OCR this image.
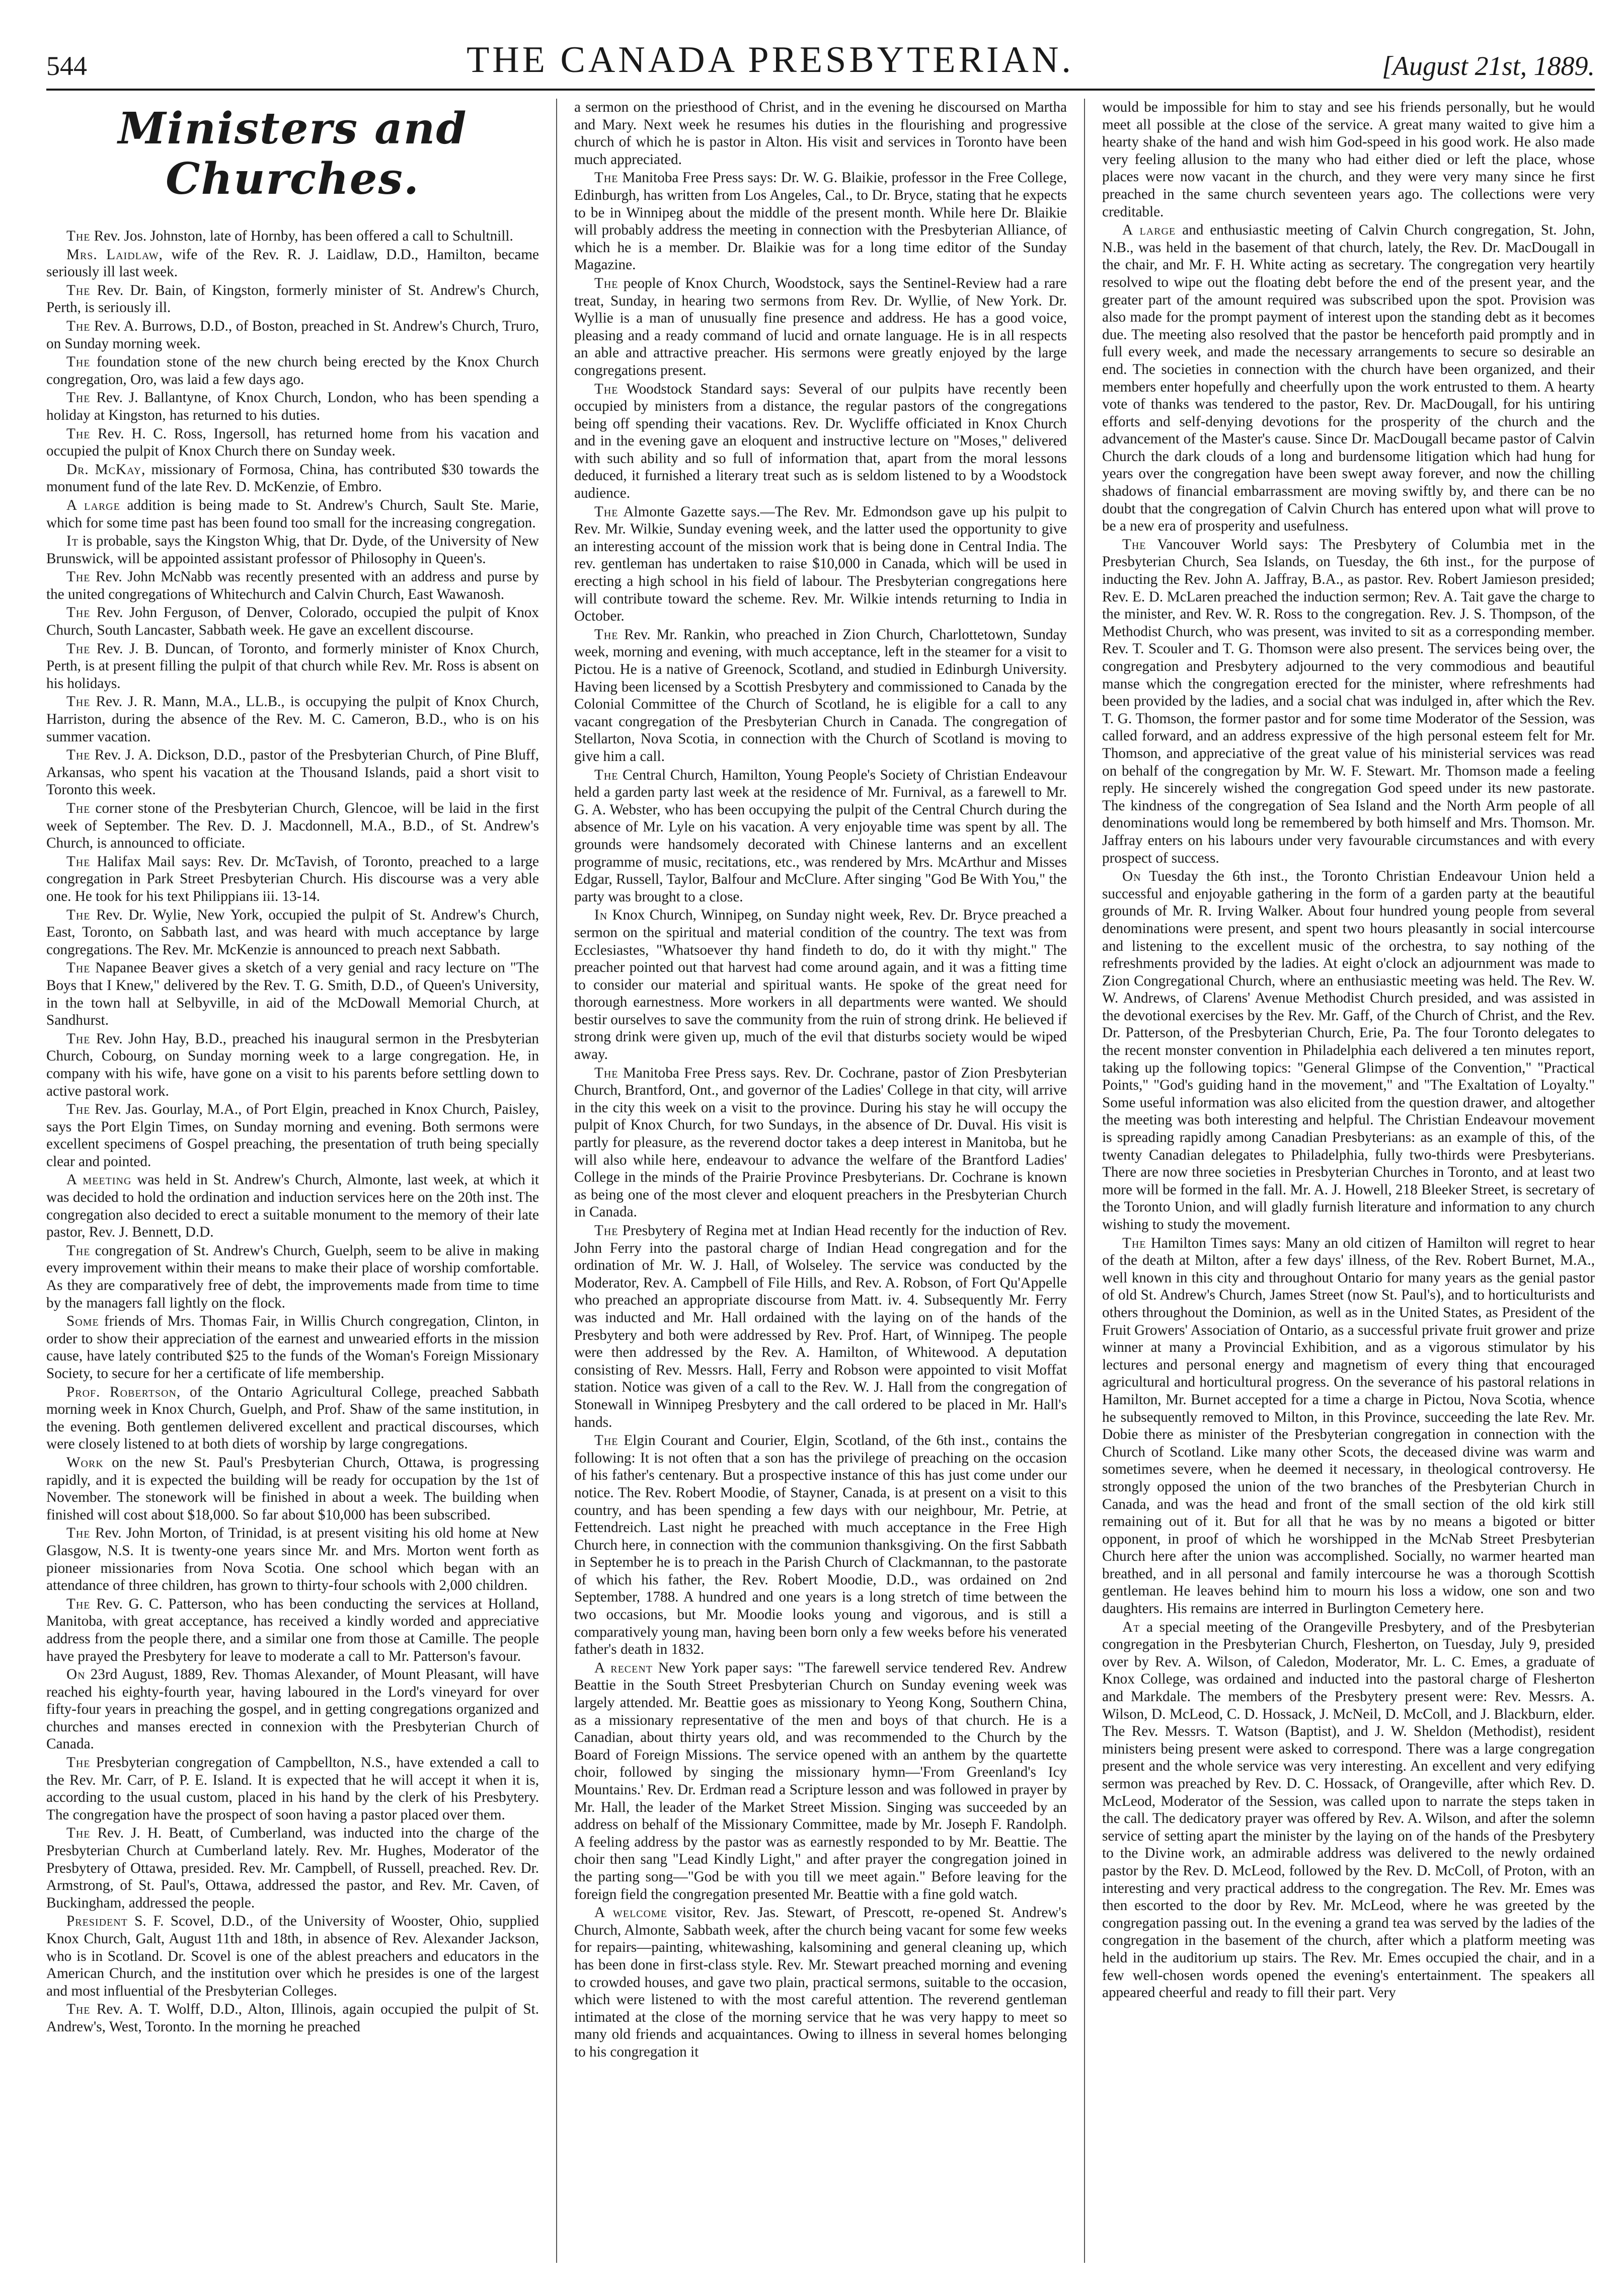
544	THE CANADA PRESBYTERIAN.	[August 21st, 1889.
Ministers and Churches.

The Rev. Jos. Johnston, late of Hornby, has been offered a call to Schultnill.

Mrs. Laidlaw, wife of the Rev. R. J. Laidlaw, D.D., Hamilton, became seriously ill last week.

The Rev. Dr. Bain, of Kingston, formerly minister of St. Andrew's Church, Perth, is seriously ill.

The Rev. A. Burrows, D.D., of Boston, preached in St. Andrew's Church, Truro, on Sunday morning week.

The foundation stone of the new church being erected by the Knox Church congregation, Oro, was laid a few days ago.

The Rev. J. Ballantyne, of Knox Church, London, who has been spending a holiday at Kingston, has returned to his duties.

The Rev. H. C. Ross, Ingersoll, has returned home from his vacation and occupied the pulpit of Knox Church there on Sunday week.

Dr. McKay, missionary of Formosa, China, has contributed $30 towards the monument fund of the late Rev. D. McKenzie, of Embro.

A large addition is being made to St. Andrew's Church, Sault Ste. Marie, which for some time past has been found too small for the increasing congregation.

It is probable, says the Kingston Whig, that Dr. Dyde, of the University of New Brunswick, will be appointed assistant professor of Philosophy in Queen's.

The Rev. John McNabb was recently presented with an address and purse by the united congregations of Whitechurch and Calvin Church, East Wawanosh.

The Rev. John Ferguson, of Denver, Colorado, occupied the pulpit of Knox Church, South Lancaster, Sabbath week. He gave an excellent discourse.

The Rev. J. B. Duncan, of Toronto, and formerly minister of Knox Church, Perth, is at present filling the pulpit of that church while Rev. Mr. Ross is absent on his holidays.

The Rev. J. R. Mann, M.A., LL.B., is occupying the pulpit of Knox Church, Harriston, during the absence of the Rev. M. C. Cameron, B.D., who is on his summer vacation.

The Rev. J. A. Dickson, D.D., pastor of the Presbyterian Church, of Pine Bluff, Arkansas, who spent his vacation at the Thousand Islands, paid a short visit to Toronto this week.

The corner stone of the Presbyterian Church, Glencoe, will be laid in the first week of September. The Rev. D. J. Macdonnell, M.A., B.D., of St. Andrew's Church, is announced to officiate.

The Halifax Mail says: Rev. Dr. McTavish, of Toronto, preached to a large congregation in Park Street Presbyterian Church. His discourse was a very able one. He took for his text Philippians iii. 13-14.

The Rev. Dr. Wylie, New York, occupied the pulpit of St. Andrew's Church, East, Toronto, on Sabbath last, and was heard with much acceptance by large congregations. The Rev. Mr. McKenzie is announced to preach next Sabbath.

The Napanee Beaver gives a sketch of a very genial and racy lecture on "The Boys that I Knew," delivered by the Rev. T. G. Smith, D.D., of Queen's University, in the town hall at Selbyville, in aid of the McDowall Memorial Church, at Sandhurst.

The Rev. John Hay, B.D., preached his inaugural sermon in the Presbyterian Church, Cobourg, on Sunday morning week to a large congregation. He, in company with his wife, have gone on a visit to his parents before settling down to active pastoral work.

The Rev. Jas. Gourlay, M.A., of Port Elgin, preached in Knox Church, Paisley, says the Port Elgin Times, on Sunday morning and evening. Both sermons were excellent specimens of Gospel preaching, the presentation of truth being specially clear and pointed.

A meeting was held in St. Andrew's Church, Almonte, last week, at which it was decided to hold the ordination and induction services here on the 20th inst. The congregation also decided to erect a suitable monument to the memory of their late pastor, Rev. J. Bennett, D.D.

The congregation of St. Andrew's Church, Guelph, seem to be alive in making every improvement within their means to make their place of worship comfortable. As they are comparatively free of debt, the improvements made from time to time by the managers fall lightly on the flock.

Some friends of Mrs. Thomas Fair, in Willis Church congregation, Clinton, in order to show their appreciation of the earnest and unwearied efforts in the mission cause, have lately contributed $25 to the funds of the Woman's Foreign Missionary Society, to secure for her a certificate of life membership.

Prof. Robertson, of the Ontario Agricultural College, preached Sabbath morning week in Knox Church, Guelph, and Prof. Shaw of the same institution, in the evening. Both gentlemen delivered excellent and practical discourses, which were closely listened to at both diets of worship by large congregations.

Work on the new St. Paul's Presbyterian Church, Ottawa, is progressing rapidly, and it is expected the building will be ready for occupation by the 1st of November. The stonework will be finished in about a week. The building when finished will cost about $18,000. So far about $10,000 has been subscribed.

The Rev. John Morton, of Trinidad, is at present visiting his old home at New Glasgow, N.S. It is twenty-one years since Mr. and Mrs. Morton went forth as pioneer missionaries from Nova Scotia. One school which began with an attendance of three children, has grown to thirty-four schools with 2,000 children.

The Rev. G. C. Patterson, who has been conducting the services at Holland, Manitoba, with great acceptance, has received a kindly worded and appreciative address from the people there, and a similar one from those at Camille. The people have prayed the Presbytery for leave to moderate a call to Mr. Patterson's favour.

On 23rd August, 1889, Rev. Thomas Alexander, of Mount Pleasant, will have reached his eighty-fourth year, having laboured in the Lord's vineyard for over fifty-four years in preaching the gospel, and in getting congregations organized and churches and manses erected in connexion with the Presbyterian Church of Canada.

The Presbyterian congregation of Campbellton, N.S., have extended a call to the Rev. Mr. Carr, of P. E. Island. It is expected that he will accept it when it is, according to the usual custom, placed in his hand by the clerk of his Presbytery. The congregation have the prospect of soon having a pastor placed over them.

The Rev. J. H. Beatt, of Cumberland, was inducted into the charge of the Presbyterian Church at Cumberland lately. Rev. Mr. Hughes, Moderator of the Presbytery of Ottawa, presided. Rev. Mr. Campbell, of Russell, preached. Rev. Dr. Armstrong, of St. Paul's, Ottawa, addressed the pastor, and Rev. Mr. Caven, of Buckingham, addressed the people.

President S. F. Scovel, D.D., of the University of Wooster, Ohio, supplied Knox Church, Galt, August 11th and 18th, in absence of Rev. Alexander Jackson, who is in Scotland. Dr. Scovel is one of the ablest preachers and educators in the American Church, and the institution over which he presides is one of the largest and most influential of the Presbyterian Colleges.

The Rev. A. T. Wolff, D.D., Alton, Illinois, again occupied the pulpit of St. Andrew's, West, Toronto. In the morning he preached

a sermon on the priesthood of Christ, and in the evening he discoursed on Martha and Mary. Next week he resumes his duties in the flourishing and progressive church of which he is pastor in Alton. His visit and services in Toronto have been much appreciated.

The Manitoba Free Press says: Dr. W. G. Blaikie, professor in the Free College, Edinburgh, has written from Los Angeles, Cal., to Dr. Bryce, stating that he expects to be in Winnipeg about the middle of the present month. While here Dr. Blaikie will probably address the meeting in connection with the Presbyterian Alliance, of which he is a member. Dr. Blaikie was for a long time editor of the Sunday Magazine.

The people of Knox Church, Woodstock, says the Sentinel-Review had a rare treat, Sunday, in hearing two sermons from Rev. Dr. Wyllie, of New York. Dr. Wyllie is a man of unusually fine presence and address. He has a good voice, pleasing and a ready command of lucid and ornate language. He is in all respects an able and attractive preacher. His sermons were greatly enjoyed by the large congregations present.

The Woodstock Standard says: Several of our pulpits have recently been occupied by ministers from a distance, the regular pastors of the congregations being off spending their vacations. Rev. Dr. Wycliffe officiated in Knox Church and in the evening gave an eloquent and instructive lecture on "Moses," delivered with such ability and so full of information that, apart from the moral lessons deduced, it furnished a literary treat such as is seldom listened to by a Woodstock audience.

The Almonte Gazette says.—The Rev. Mr. Edmondson gave up his pulpit to Rev. Mr. Wilkie, Sunday evening week, and the latter used the opportunity to give an interesting account of the mission work that is being done in Central India. The rev. gentleman has undertaken to raise $10,000 in Canada, which will be used in erecting a high school in his field of labour. The Presbyterian congregations here will contribute toward the scheme. Rev. Mr. Wilkie intends returning to India in October.

The Rev. Mr. Rankin, who preached in Zion Church, Charlottetown, Sunday week, morning and evening, with much acceptance, left in the steamer for a visit to Pictou. He is a native of Greenock, Scotland, and studied in Edinburgh University. Having been licensed by a Scottish Presbytery and commissioned to Canada by the Colonial Committee of the Church of Scotland, he is eligible for a call to any vacant congregation of the Presbyterian Church in Canada. The congregation of Stellarton, Nova Scotia, in connection with the Church of Scotland is moving to give him a call.

The Central Church, Hamilton, Young People's Society of Christian Endeavour held a garden party last week at the residence of Mr. Furnival, as a farewell to Mr. G. A. Webster, who has been occupying the pulpit of the Central Church during the absence of Mr. Lyle on his vacation. A very enjoyable time was spent by all. The grounds were handsomely decorated with Chinese lanterns and an excellent programme of music, recitations, etc., was rendered by Mrs. McArthur and Misses Edgar, Russell, Taylor, Balfour and McClure. After singing "God Be With You," the party was brought to a close.

In Knox Church, Winnipeg, on Sunday night week, Rev. Dr. Bryce preached a sermon on the spiritual and material condition of the country. The text was from Ecclesiastes, "Whatsoever thy hand findeth to do, do it with thy might." The preacher pointed out that harvest had come around again, and it was a fitting time to consider our material and spiritual wants. He spoke of the great need for thorough earnestness. More workers in all departments were wanted. We should bestir ourselves to save the community from the ruin of strong drink. He believed if strong drink were given up, much of the evil that disturbs society would be wiped away.

The Manitoba Free Press says. Rev. Dr. Cochrane, pastor of Zion Presbyterian Church, Brantford, Ont., and governor of the Ladies' College in that city, will arrive in the city this week on a visit to the province. During his stay he will occupy the pulpit of Knox Church, for two Sundays, in the absence of Dr. Duval. His visit is partly for pleasure, as the reverend doctor takes a deep interest in Manitoba, but he will also while here, endeavour to advance the welfare of the Brantford Ladies' College in the minds of the Prairie Province Presbyterians. Dr. Cochrane is known as being one of the most clever and eloquent preachers in the Presbyterian Church in Canada.

The Presbytery of Regina met at Indian Head recently for the induction of Rev. John Ferry into the pastoral charge of Indian Head congregation and for the ordination of Mr. W. J. Hall, of Wolseley. The service was conducted by the Moderator, Rev. A. Campbell of File Hills, and Rev. A. Robson, of Fort Qu'Appelle who preached an appropriate discourse from Matt. iv. 4. Subsequently Mr. Ferry was inducted and Mr. Hall ordained with the laying on of the hands of the Presbytery and both were addressed by Rev. Prof. Hart, of Winnipeg. The people were then addressed by the Rev. A. Hamilton, of Whitewood. A deputation consisting of Rev. Messrs. Hall, Ferry and Robson were appointed to visit Moffat station. Notice was given of a call to the Rev. W. J. Hall from the congregation of Stonewall in Winnipeg Presbytery and the call ordered to be placed in Mr. Hall's hands.

The Elgin Courant and Courier, Elgin, Scotland, of the 6th inst., contains the following: It is not often that a son has the privilege of preaching on the occasion of his father's centenary. But a prospective instance of this has just come under our notice. The Rev. Robert Moodie, of Stayner, Canada, is at present on a visit to this country, and has been spending a few days with our neighbour, Mr. Petrie, at Fettendreich. Last night he preached with much acceptance in the Free High Church here, in connection with the communion thanksgiving. On the first Sabbath in September he is to preach in the Parish Church of Clackmannan, to the pastorate of which his father, the Rev. Robert Moodie, D.D., was ordained on 2nd September, 1788. A hundred and one years is a long stretch of time between the two occasions, but Mr. Moodie looks young and vigorous, and is still a comparatively young man, having been born only a few weeks before his venerated father's death in 1832.

A recent New York paper says: "The farewell service tendered Rev. Andrew Beattie in the South Street Presbyterian Church on Sunday evening week was largely attended. Mr. Beattie goes as missionary to Yeong Kong, Southern China, as a missionary representative of the men and boys of that church. He is a Canadian, about thirty years old, and was recommended to the Church by the Board of Foreign Missions. The service opened with an anthem by the quartette choir, followed by singing the missionary hymn—'From Greenland's Icy Mountains.' Rev. Dr. Erdman read a Scripture lesson and was followed in prayer by Mr. Hall, the leader of the Market Street Mission. Singing was succeeded by an address on behalf of the Missionary Committee, made by Mr. Joseph F. Randolph. A feeling address by the pastor was as earnestly responded to by Mr. Beattie. The choir then sang "Lead Kindly Light," and after prayer the congregation joined in the parting song—"God be with you till we meet again." Before leaving for the foreign field the congregation presented Mr. Beattie with a fine gold watch.

A welcome visitor, Rev. Jas. Stewart, of Prescott, re-opened St. Andrew's Church, Almonte, Sabbath week, after the church being vacant for some few weeks for repairs—painting, whitewashing, kalsomining and general cleaning up, which has been done in first-class style. Rev. Mr. Stewart preached morning and evening to crowded houses, and gave two plain, practical sermons, suitable to the occasion, which were listened to with the most careful attention. The reverend gentleman intimated at the close of the morning service that he was very happy to meet so many old friends and acquaintances. Owing to illness in several homes belonging to his congregation it

would be impossible for him to stay and see his friends personally, but he would meet all possible at the close of the service. A great many waited to give him a hearty shake of the hand and wish him God-speed in his good work. He also made very feeling allusion to the many who had either died or left the place, whose places were now vacant in the church, and they were very many since he first preached in the same church seventeen years ago. The collections were very creditable.

A large and enthusiastic meeting of Calvin Church congregation, St. John, N.B., was held in the basement of that church, lately, the Rev. Dr. MacDougall in the chair, and Mr. F. H. White acting as secretary. The congregation very heartily resolved to wipe out the floating debt before the end of the present year, and the greater part of the amount required was subscribed upon the spot. Provision was also made for the prompt payment of interest upon the standing debt as it becomes due. The meeting also resolved that the pastor be henceforth paid promptly and in full every week, and made the necessary arrangements to secure so desirable an end. The societies in connection with the church have been organized, and their members enter hopefully and cheerfully upon the work entrusted to them. A hearty vote of thanks was tendered to the pastor, Rev. Dr. MacDougall, for his untiring efforts and self-denying devotions for the prosperity of the church and the advancement of the Master's cause. Since Dr. MacDougall became pastor of Calvin Church the dark clouds of a long and burdensome litigation which had hung for years over the congregation have been swept away forever, and now the chilling shadows of financial embarrassment are moving swiftly by, and there can be no doubt that the congregation of Calvin Church has entered upon what will prove to be a new era of prosperity and usefulness.

The Vancouver World says: The Presbytery of Columbia met in the Presbyterian Church, Sea Islands, on Tuesday, the 6th inst., for the purpose of inducting the Rev. John A. Jaffray, B.A., as pastor. Rev. Robert Jamieson presided; Rev. E. D. McLaren preached the induction sermon; Rev. A. Tait gave the charge to the minister, and Rev. W. R. Ross to the congregation. Rev. J. S. Thompson, of the Methodist Church, who was present, was invited to sit as a corresponding member. Rev. T. Scouler and T. G. Thomson were also present. The services being over, the congregation and Presbytery adjourned to the very commodious and beautiful manse which the congregation erected for the minister, where refreshments had been provided by the ladies, and a social chat was indulged in, after which the Rev. T. G. Thomson, the former pastor and for some time Moderator of the Session, was called forward, and an address expressive of the high personal esteem felt for Mr. Thomson, and appreciative of the great value of his ministerial services was read on behalf of the congregation by Mr. W. F. Stewart. Mr. Thomson made a feeling reply. He sincerely wished the congregation God speed under its new pastorate. The kindness of the congregation of Sea Island and the North Arm people of all denominations would long be remembered by both himself and Mrs. Thomson. Mr. Jaffray enters on his labours under very favourable circumstances and with every prospect of success.

On Tuesday the 6th inst., the Toronto Christian Endeavour Union held a successful and enjoyable gathering in the form of a garden party at the beautiful grounds of Mr. R. Irving Walker. About four hundred young people from several denominations were present, and spent two hours pleasantly in social intercourse and listening to the excellent music of the orchestra, to say nothing of the refreshments provided by the ladies. At eight o'clock an adjournment was made to Zion Congregational Church, where an enthusiastic meeting was held. The Rev. W. W. Andrews, of Clarens' Avenue Methodist Church presided, and was assisted in the devotional exercises by the Rev. Mr. Gaff, of the Church of Christ, and the Rev. Dr. Patterson, of the Presbyterian Church, Erie, Pa. The four Toronto delegates to the recent monster convention in Philadelphia each delivered a ten minutes report, taking up the following topics: "General Glimpse of the Convention," "Practical Points," "God's guiding hand in the movement," and "The Exaltation of Loyalty." Some useful information was also elicited from the question drawer, and altogether the meeting was both interesting and helpful. The Christian Endeavour movement is spreading rapidly among Canadian Presbyterians: as an example of this, of the twenty Canadian delegates to Philadelphia, fully two-thirds were Presbyterians. There are now three societies in Presbyterian Churches in Toronto, and at least two more will be formed in the fall. Mr. A. J. Howell, 218 Bleeker Street, is secretary of the Toronto Union, and will gladly furnish literature and information to any church wishing to study the movement.

The Hamilton Times says: Many an old citizen of Hamilton will regret to hear of the death at Milton, after a few days' illness, of the Rev. Robert Burnet, M.A., well known in this city and throughout Ontario for many years as the genial pastor of old St. Andrew's Church, James Street (now St. Paul's), and to horticulturists and others throughout the Dominion, as well as in the United States, as President of the Fruit Growers' Association of Ontario, as a successful private fruit grower and prize winner at many a Provincial Exhibition, and as a vigorous stimulator by his lectures and personal energy and magnetism of every thing that encouraged agricultural and horticultural progress. On the severance of his pastoral relations in Hamilton, Mr. Burnet accepted for a time a charge in Pictou, Nova Scotia, whence he subsequently removed to Milton, in this Province, succeeding the late Rev. Mr. Dobie there as minister of the Presbyterian congregation in connection with the Church of Scotland. Like many other Scots, the deceased divine was warm and sometimes severe, when he deemed it necessary, in theological controversy. He strongly opposed the union of the two branches of the Presbyterian Church in Canada, and was the head and front of the small section of the old kirk still remaining out of it. But for all that he was by no means a bigoted or bitter opponent, in proof of which he worshipped in the McNab Street Presbyterian Church here after the union was accomplished. Socially, no warmer hearted man breathed, and in all personal and family intercourse he was a thorough Scottish gentleman. He leaves behind him to mourn his loss a widow, one son and two daughters. His remains are interred in Burlington Cemetery here.

At a special meeting of the Orangeville Presbytery, and of the Presbyterian congregation in the Presbyterian Church, Flesherton, on Tuesday, July 9, presided over by Rev. A. Wilson, of Caledon, Moderator, Mr. L. C. Emes, a graduate of Knox College, was ordained and inducted into the pastoral charge of Flesherton and Markdale. The members of the Presbytery present were: Rev. Messrs. A. Wilson, D. McLeod, C. D. Hossack, J. McNeil, D. McColl, and J. Blackburn, elder. The Rev. Messrs. T. Watson (Baptist), and J. W. Sheldon (Methodist), resident ministers being present were asked to correspond. There was a large congregation present and the whole service was very interesting. An excellent and very edifying sermon was preached by Rev. D. C. Hossack, of Orangeville, after which Rev. D. McLeod, Moderator of the Session, was called upon to narrate the steps taken in the call. The dedicatory prayer was offered by Rev. A. Wilson, and after the solemn service of setting apart the minister by the laying on of the hands of the Presbytery to the Divine work, an admirable address was delivered to the newly ordained pastor by the Rev. D. McLeod, followed by the Rev. D. McColl, of Proton, with an interesting and very practical address to the congregation. The Rev. Mr. Emes was then escorted to the door by Rev. Mr. McLeod, where he was greeted by the congregation passing out. In the evening a grand tea was served by the ladies of the congregation in the basement of the church, after which a platform meeting was held in the auditorium up stairs. The Rev. Mr. Emes occupied the chair, and in a few well-chosen words opened the evening's entertainment. The speakers all appeared cheerful and ready to fill their part. Very
